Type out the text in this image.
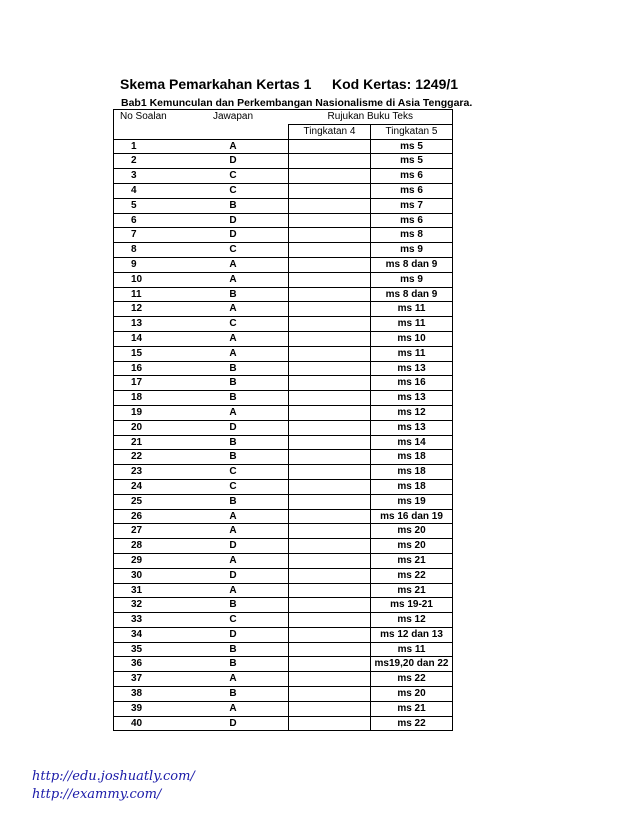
Skema Pemarkahan Kertas 1 Kod Kertas: 1249/1
Bab1 Kemunculan dan Perkembangan Nasionalisme di Asia Tenggara.
No Soalan	Jawapan	Rujukan Buku Teks	
		Tingkatan 4	Tingkatan 5
1	A		ms 5
2	D		ms 5
3	C		ms 6
4	C		ms 6
5	B		ms 7
6	D		ms 6
7	D		ms 8
8	C		ms 9
9	A		ms 8 dan 9
10	A		ms 9
11	B		ms 8 dan 9
12	A		ms 11
13	C		ms 11
14	A		ms 10
15	A		ms 11
16	B		ms 13
17	B		ms 16
18	B		ms 13
19	A		ms 12
20	D		ms 13
21	B		ms 14
22	B		ms 18
23	C		ms 18
24	C		ms 18
25	B		ms 19
26	A		ms 16 dan 19
27	A		ms 20
28	D		ms 20
29	A		ms 21
30	D		ms 22
31	A		ms 21
32	B		ms 19-21
33	C		ms 12
34	D		ms 12 dan 13
35	B		ms 11
36	B		ms19,20 dan 22
37	A		ms 22
38	B		ms 20
39	A		ms 21
40	D		ms 22
http://edu.joshuatly.com/
http://exammy.com/
